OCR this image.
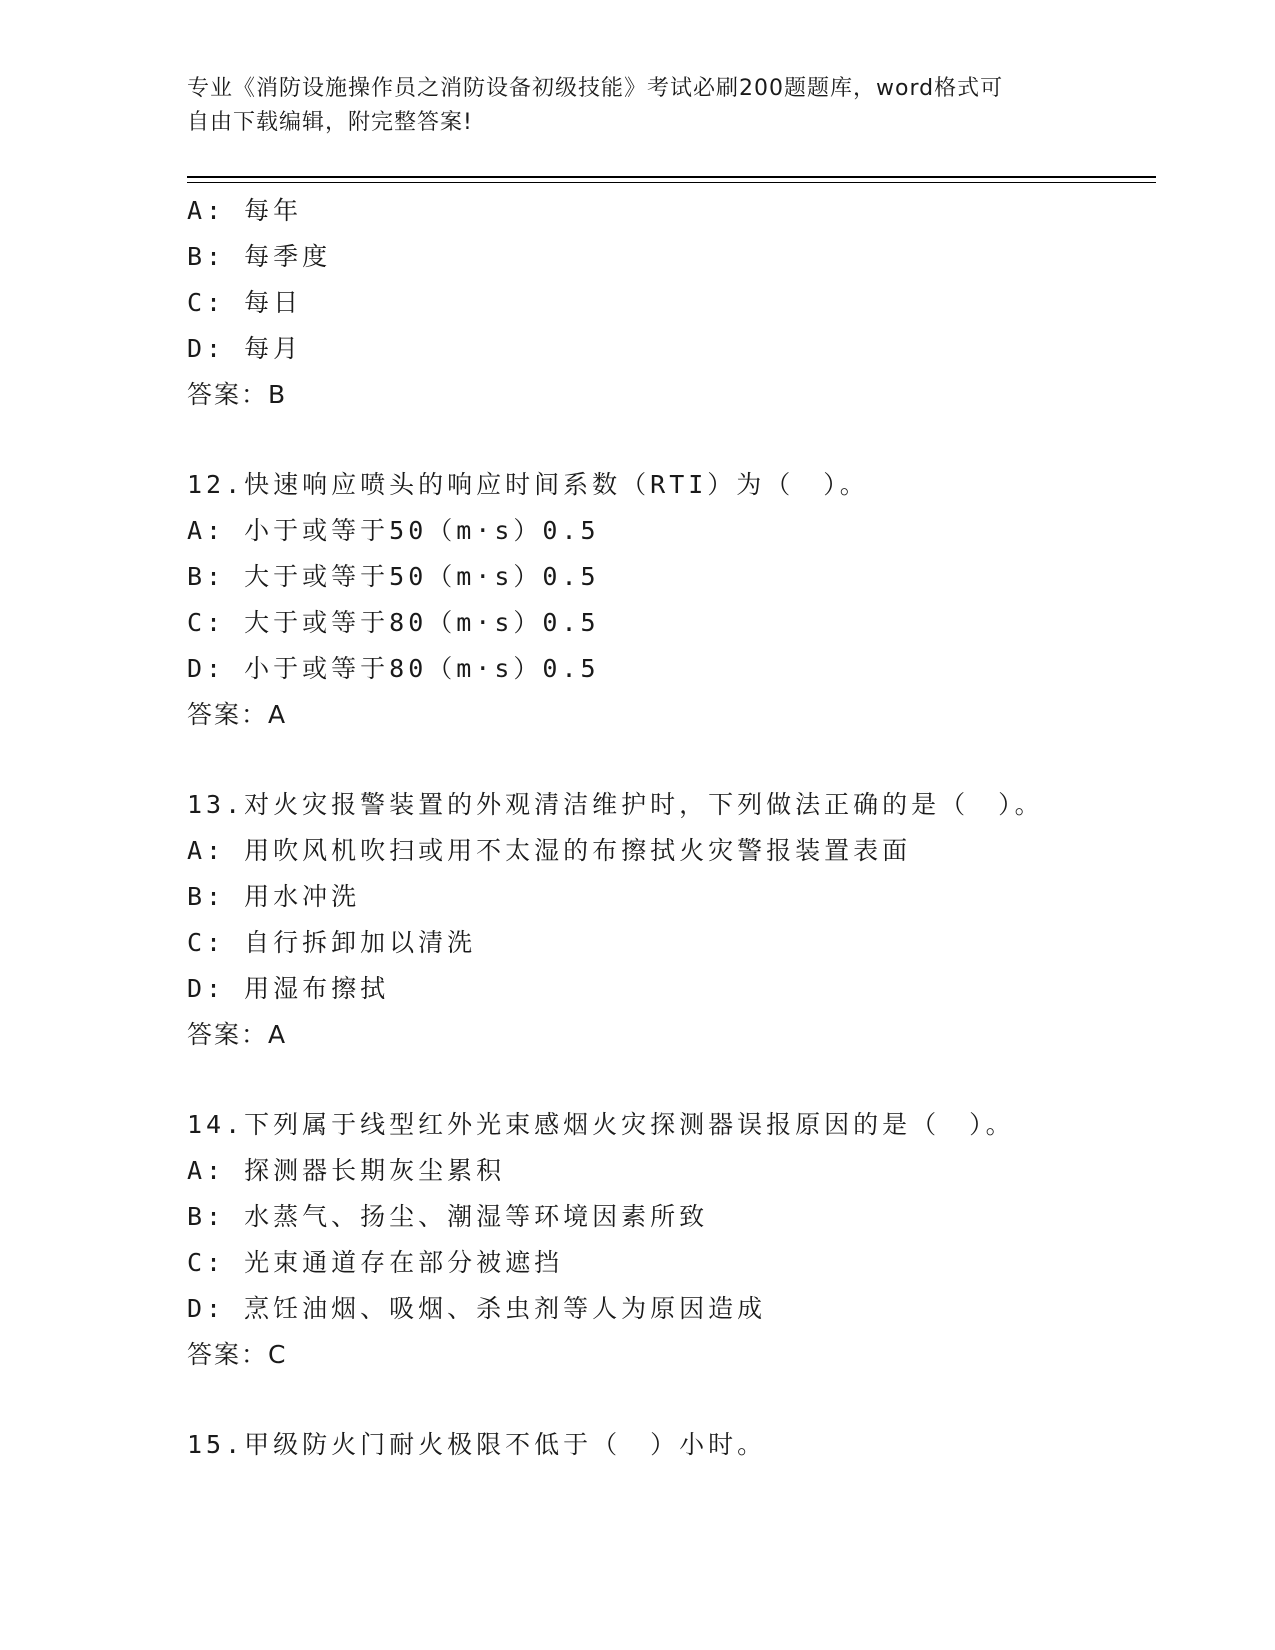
专业《消防设施操作员之消防设备初级技能》考试必刷200题题库，word格式可
自由下载编辑，附完整答案!
A: 每年
B: 每季度
C: 每日
D: 每月
答案：B
12.快速响应喷头的响应时间系数（RTI）为（　）。
A: 小于或等于50（m·s）0.5
B: 大于或等于50（m·s）0.5
C: 大于或等于80（m·s）0.5
D: 小于或等于80（m·s）0.5
答案：A
13.对火灾报警装置的外观清洁维护时，下列做法正确的是（　）。
A: 用吹风机吹扫或用不太湿的布擦拭火灾警报装置表面
B: 用水冲洗
C: 自行拆卸加以清洗
D: 用湿布擦拭
答案：A
14.下列属于线型红外光束感烟火灾探测器误报原因的是（　）。
A: 探测器长期灰尘累积
B: 水蒸气、扬尘、潮湿等环境因素所致
C: 光束通道存在部分被遮挡
D: 烹饪油烟、吸烟、杀虫剂等人为原因造成
答案：C
15.甲级防火门耐火极限不低于（　）小时。
